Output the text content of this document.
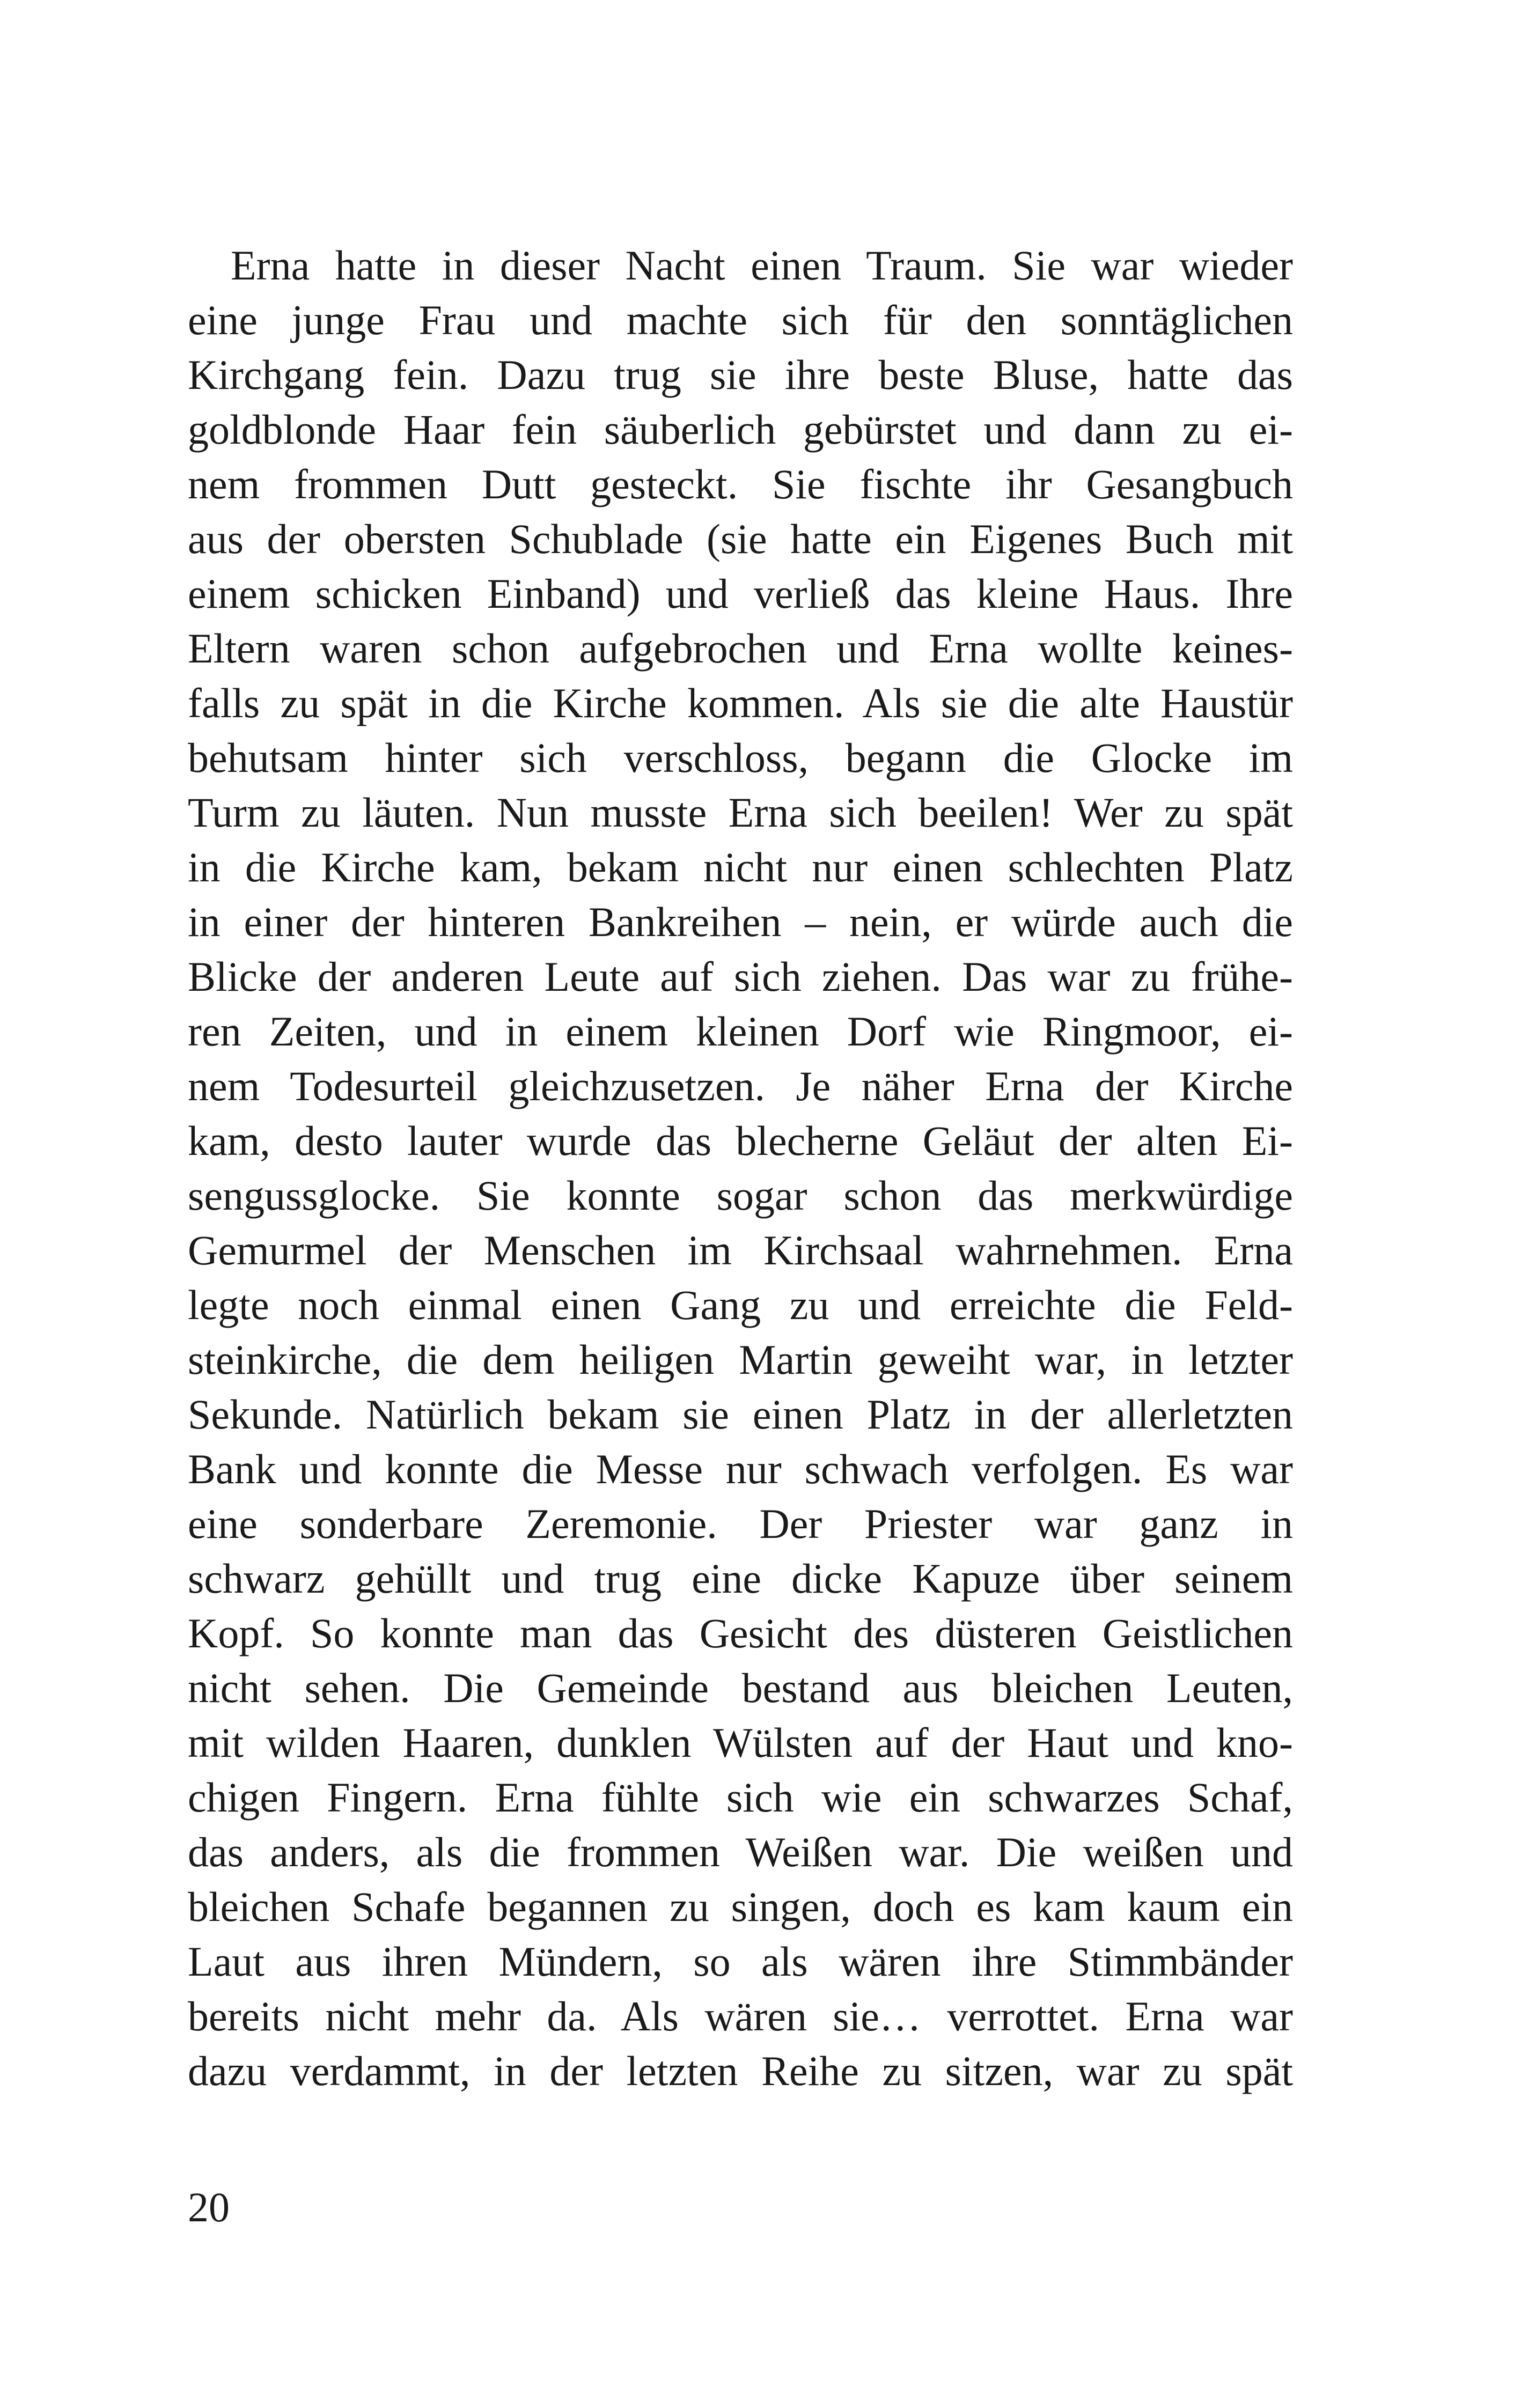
Erna hatte in dieser Nacht einen Traum. Sie war wieder
eine junge Frau und machte sich für den sonntäglichen
Kirchgang fein. Dazu trug sie ihre beste Bluse, hatte das
goldblonde Haar fein säuberlich gebürstet und dann zu ei-
nem frommen Dutt gesteckt. Sie fischte ihr Gesangbuch
aus der obersten Schublade (sie hatte ein Eigenes Buch mit
einem schicken Einband) und verließ das kleine Haus. Ihre
Eltern waren schon aufgebrochen und Erna wollte keines-
falls zu spät in die Kirche kommen. Als sie die alte Haustür
behutsam hinter sich verschloss, begann die Glocke im
Turm zu läuten. Nun musste Erna sich beeilen! Wer zu spät
in die Kirche kam, bekam nicht nur einen schlechten Platz
in einer der hinteren Bankreihen – nein, er würde auch die
Blicke der anderen Leute auf sich ziehen. Das war zu frühe-
ren Zeiten, und in einem kleinen Dorf wie Ringmoor, ei-
nem Todesurteil gleichzusetzen. Je näher Erna der Kirche
kam, desto lauter wurde das blecherne Geläut der alten Ei-
sengussglocke. Sie konnte sogar schon das merkwürdige
Gemurmel der Menschen im Kirchsaal wahrnehmen. Erna
legte noch einmal einen Gang zu und erreichte die Feld-
steinkirche, die dem heiligen Martin geweiht war, in letzter
Sekunde. Natürlich bekam sie einen Platz in der allerletzten
Bank und konnte die Messe nur schwach verfolgen. Es war
eine sonderbare Zeremonie. Der Priester war ganz in
schwarz gehüllt und trug eine dicke Kapuze über seinem
Kopf. So konnte man das Gesicht des düsteren Geistlichen
nicht sehen. Die Gemeinde bestand aus bleichen Leuten,
mit wilden Haaren, dunklen Wülsten auf der Haut und kno-
chigen Fingern. Erna fühlte sich wie ein schwarzes Schaf,
das anders, als die frommen Weißen war. Die weißen und
bleichen Schafe begannen zu singen, doch es kam kaum ein
Laut aus ihren Mündern, so als wären ihre Stimmbänder
bereits nicht mehr da. Als wären sie… verrottet. Erna war
dazu verdammt, in der letzten Reihe zu sitzen, war zu spät
20
